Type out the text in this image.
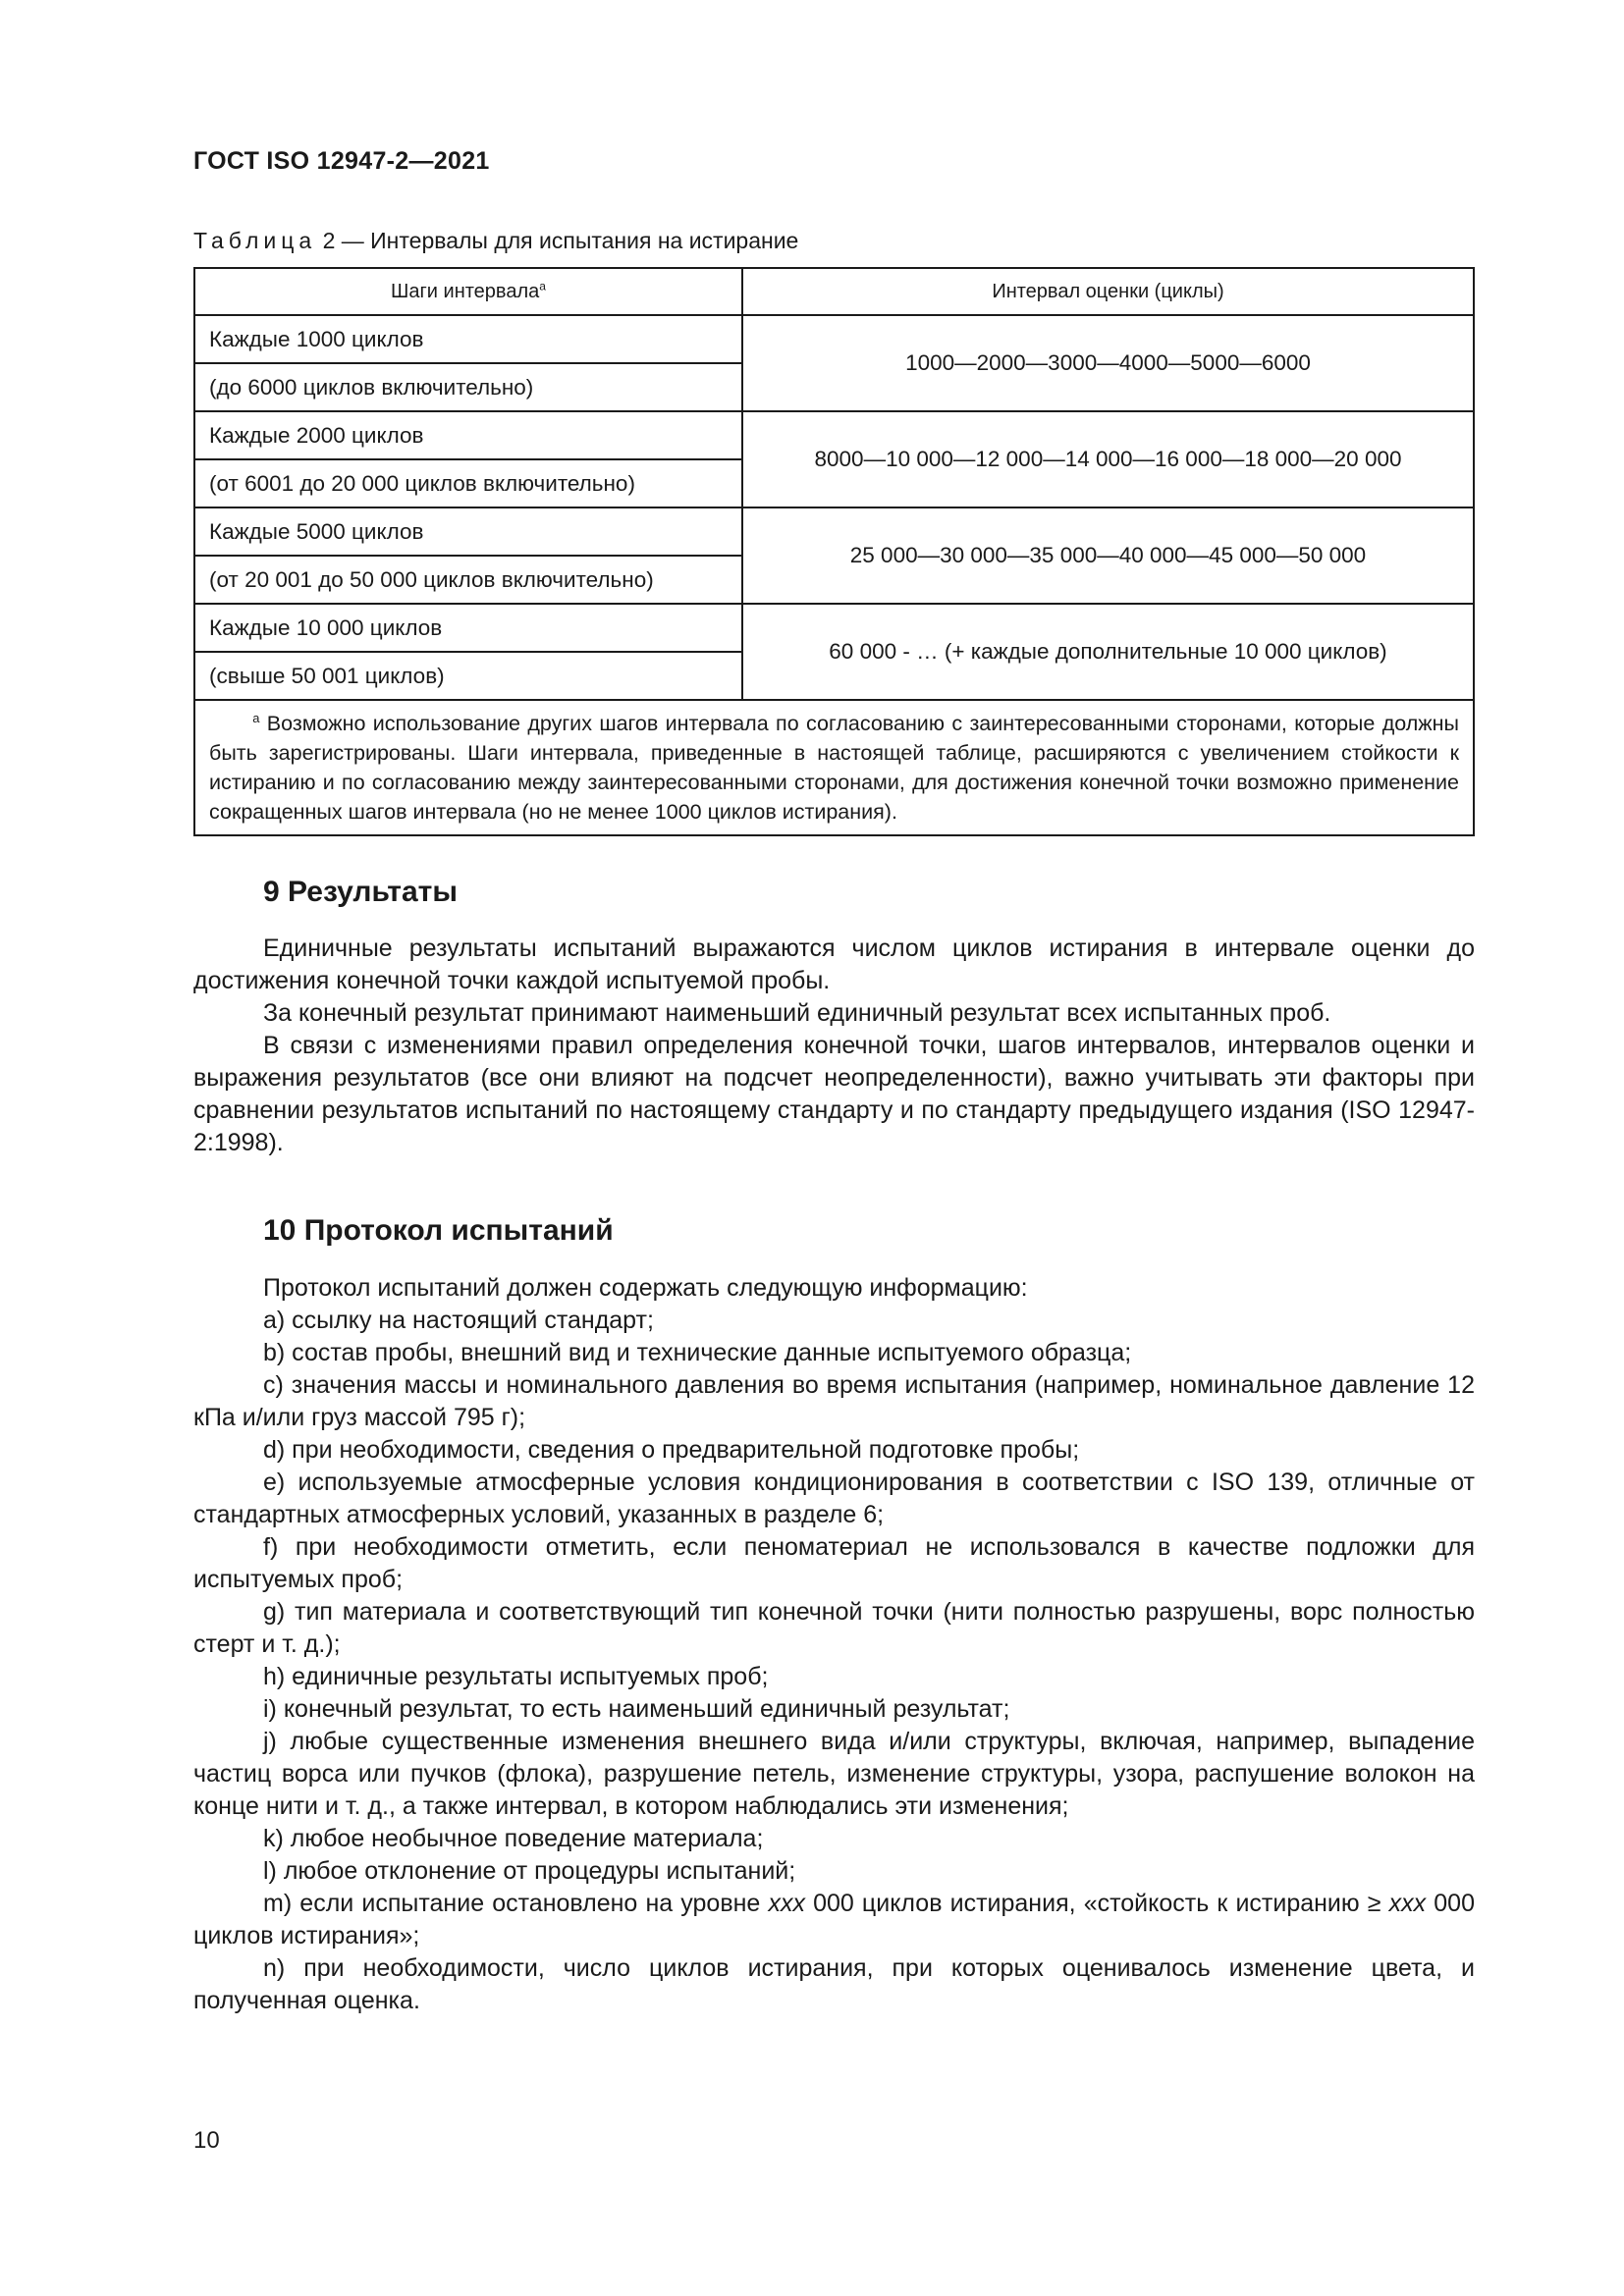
ГОСТ ISO 12947-2—2021
Таблица 2 — Интервалы для испытания на истирание
Шаги интервала$^a$	Интервал оценки (циклы)
Каждые 1000 циклов	1000—2000—3000—4000—5000—6000
(до 6000 циклов включительно)	
Каждые 2000 циклов	8000—10 000—12 000—14 000—16 000—18 000—20 000
(от 6001 до 20 000 циклов включительно)	
Каждые 5000 циклов	25 000—30 000—35 000—40 000—45 000—50 000
(от 20 001 до 50 000 циклов включительно)	
Каждые 10 000 циклов	60 000 - … (+ каждые дополнительные 10 000 циклов)
(свыше 50 001 циклов)	
$^a$ Возможно использование других шагов интервала по согласованию с заинтересованными сторонами, которые должны быть зарегистрированы. Шаги интервала, приведенные в настоящей таблице, расширяются с увеличением стойкости к истиранию и по согласованию между заинтересованными сторонами, для достижения конечной точки возможно применение сокращенных шагов интервала (но не менее 1000 циклов истирания).	
9 Результаты

Единичные результаты испытаний выражаются числом циклов истирания в интервале оценки до достижения конечной точки каждой испытуемой пробы.

За конечный результат принимают наименьший единичный результат всех испытанных проб.

В связи с изменениями правил определения конечной точки, шагов интервалов, интервалов оценки и выражения результатов (все они влияют на подсчет неопределенности), важно учитывать эти факторы при сравнении результатов испытаний по настоящему стандарту и по стандарту предыдущего издания (ISO 12947-2:1998).

10 Протокол испытаний

Протокол испытаний должен содержать следующую информацию:

a) ссылку на настоящий стандарт;

b) состав пробы, внешний вид и технические данные испытуемого образца;

c) значения массы и номинального давления во время испытания (например, номинальное давление 12 кПа и/или груз массой 795 г);

d) при необходимости, сведения о предварительной подготовке пробы;

e) используемые атмосферные условия кондиционирования в соответствии с ISO 139, отличные от стандартных атмосферных условий, указанных в разделе 6;

f) при необходимости отметить, если пеноматериал не использовался в качестве подложки для испытуемых проб;

g) тип материала и соответствующий тип конечной точки (нити полностью разрушены, ворс полностью стерт и т. д.);

h) единичные результаты испытуемых проб;

i) конечный результат, то есть наименьший единичный результат;

j) любые существенные изменения внешнего вида и/или структуры, включая, например, выпадение частиц ворса или пучков (флока), разрушение петель, изменение структуры, узора, распушение волокон на конце нити и т. д., а также интервал, в котором наблюдались эти изменения;

k) любое необычное поведение материала;

l) любое отклонение от процедуры испытаний;

m) если испытание остановлено на уровне xxx 000 циклов истирания, «стойкость к истиранию ≥ xxx 000 циклов истирания»;

n) при необходимости, число циклов истирания, при которых оценивалось изменение цвета, и полученная оценка.

10
